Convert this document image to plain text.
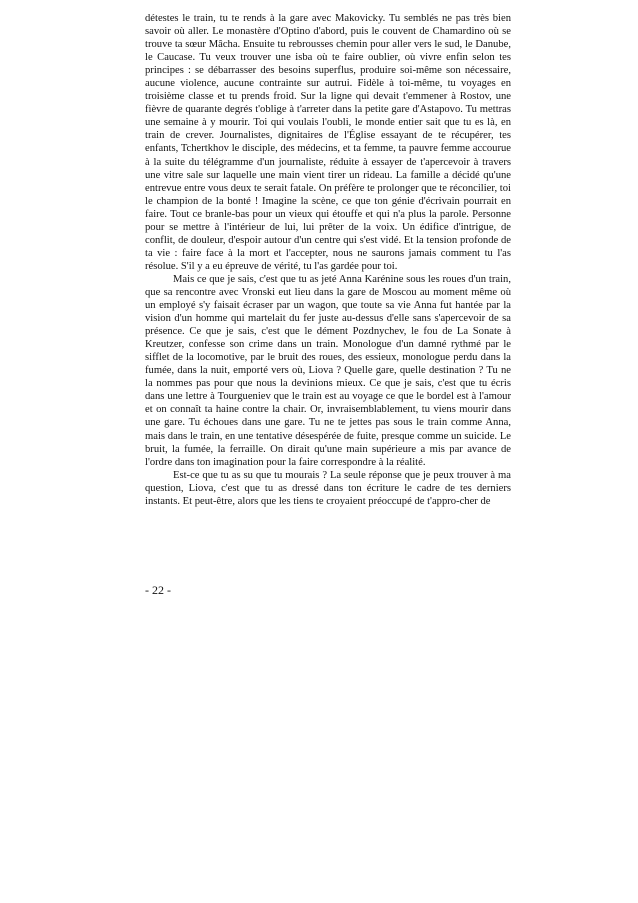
détestes le train, tu te rends à la gare avec Makovicky. Tu semblés ne pas très bien savoir où aller. Le monastère d'Optino d'abord, puis le couvent de Chamardino où se trouve ta sœur Mâcha. Ensuite tu rebrousses chemin pour aller vers le sud, le Danube, le Caucase. Tu veux trouver une isba où te faire oublier, où vivre enfin selon tes principes : se débarrasser des besoins superflus, produire soi-même son nécessaire, aucune violence, aucune contrainte sur autrui. Fidèle à toi-même, tu voyages en troisième classe et tu prends froid. Sur la ligne qui devait t'emmener à Rostov, une fièvre de quarante degrés t'oblige à t'arreter dans la petite gare d'Astapovo. Tu mettras une semaine à y mourir. Toi qui voulais l'oubli, le monde entier sait que tu es là, en train de crever. Journalistes, dignitaires de l'Église essayant de te récupérer, tes enfants, Tchertkhov le disciple, des médecins, et ta femme, ta pauvre femme accourue à la suite du télégramme d'un journaliste, réduite à essayer de t'apercevoir à travers une vitre sale sur laquelle une main vient tirer un rideau. La famille a décidé qu'une entrevue entre vous deux te serait fatale. On préfère te prolonger que te réconcilier, toi le champion de la bonté ! Imagine la scène, ce que ton génie d'écrivain pourrait en faire. Tout ce branle-bas pour un vieux qui étouffe et qui n'a plus la parole. Personne pour se mettre à l'intérieur de lui, lui prêter de la voix. Un édifice d'intrigue, de conflit, de douleur, d'espoir autour d'un centre qui s'est vidé. Et la tension profonde de ta vie : faire face à la mort et l'accepter, nous ne saurons jamais comment tu l'as résolue. S'il y a eu épreuve de vérité, tu l'as gardée pour toi.

Mais ce que je sais, c'est que tu as jeté Anna Karénine sous les roues d'un train, que sa rencontre avec Vronski eut lieu dans la gare de Moscou au moment même où un employé s'y faisait écraser par un wagon, que toute sa vie Anna fut hantée par la vision d'un homme qui martelait du fer juste au-dessus d'elle sans s'apercevoir de sa présence. Ce que je sais, c'est que le dément Pozdnychev, le fou de La Sonate à Kreutzer, confesse son crime dans un train. Monologue d'un damné rythmé par le sifflet de la locomotive, par le bruit des roues, des essieux, monologue perdu dans la fumée, dans la nuit, emporté vers où, Liova ? Quelle gare, quelle destination ? Tu ne la nommes pas pour que nous la devinions mieux. Ce que je sais, c'est que tu écris dans une lettre à Tourgueniev que le train est au voyage ce que le bordel est à l'amour et on connaît ta haine contre la chair. Or, invraisemblablement, tu viens mourir dans une gare. Tu échoues dans une gare. Tu ne te jettes pas sous le train comme Anna, mais dans le train, en une tentative désespérée de fuite, presque comme un suicide. Le bruit, la fumée, la ferraille. On dirait qu'une main supérieure a mis par avance de l'ordre dans ton imagination pour la faire correspondre à la réalité.

Est-ce que tu as su que tu mourais ? La seule réponse que je peux trouver à ma question, Liova, c'est que tu as dressé dans ton écriture le cadre de tes derniers instants. Et peut-être, alors que les tiens te croyaient préoccupé de t'appro-cher de

- 22 -
